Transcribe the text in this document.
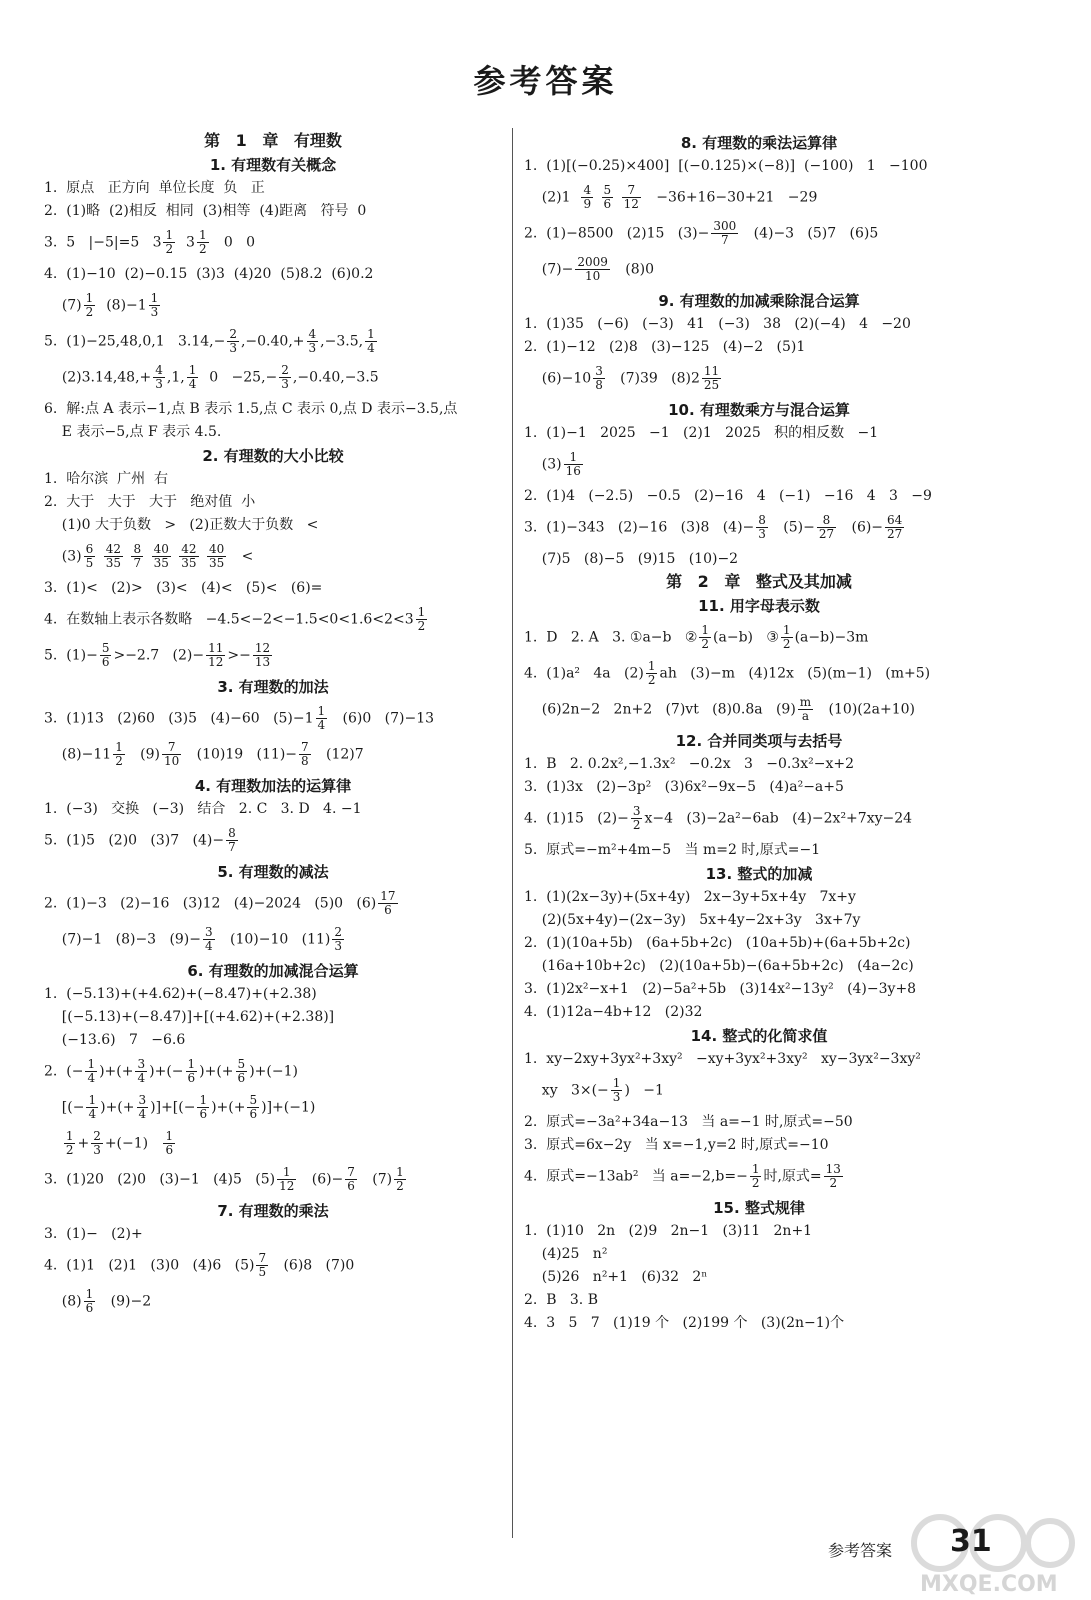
参考答案
第 1 章 有理数
1. 有理数有关概念
1.  原点   正方向  单位长度  负   正
2.  (1)略  (2)相反  相同  (3)相等  (4)距离   符号  0
3.  5   |−5|=5   $3 \frac{1}{2} 3 \frac{1}{2} 0$   0
4.  (1)−10  (2)−0.15  (3)3  (4)20  (5)8.2  (6)0.2
$(7) \frac{1}{2} (8)-1 \frac{1}{3}$
5.  (1)−25,48,0,1   $3.14,- \frac{2}{3} ,-0.40,+ \frac{4}{3} ,-3.5$, $\frac{1}{4}$
$(2)3.14,48,+ \frac{4}{3} ,1$, $\frac{1}{4} 0 -25,- \frac{2}{3} ,-0.40,-3.5$
6.  解:点 A 表示−1,点 B 表示 1.5,点 C 表示 0,点 D 表示−3.5,点
E 表示−5,点 F 表示 4.5.
2. 有理数的大小比较
1.  哈尔滨  广州  右
2.  大于   大于   大于   绝对值  小
(1)0 大于负数   >   (2)正数大于负数   <
$(3) \frac{6}{5}$
$\frac{42}{35}$
$\frac{8}{7}$
$\frac{40}{35}$
$\frac{42}{35}$
$\frac{40}{35}$ <
3.  (1)<   (2)>   (3)<   (4)<   (5)<   (6)=
4.  在数轴上表示各数略   $-4.5<-2<-1.5<0<1.6<2<3 \frac{1}{2}$
5.  $(1)- \frac{5}{6} >-2.7$   $(2)- \frac{11}{12} >- \frac{12}{13}$
3. 有理数的加法
3.  (1)13   (2)60   (3)5   (4)−60   $(5)-1 \frac{1}{4} (6)0$   (7)−13
$(8)-11 \frac{1}{2} (9) \frac{7}{10} (10)19$   $(11)- \frac{7}{8} (12)7$
4. 有理数加法的运算律
1.  (−3)   交换   (−3)   结合   2. C   3. D   4. −1
5.  (1)5   (2)0   (3)7   $(4)- \frac{8}{7}$
5. 有理数的减法
2.  (1)−3   (2)−16   (3)12   (4)−2024   (5)0   $(6) \frac{17}{6}$
(7)−1   (8)−3   $(9)- \frac{3}{4} (10)-10$   $(11) \frac{2}{3}$
6. 有理数的加减混合运算
1.  (−5.13)+(+4.62)+(−8.47)+(+2.38)
[(−5.13)+(−8.47)]+[(+4.62)+(+2.38)]
(−13.6)   7   −6.6
2.  (− $\frac{1}{4}$ )+(+ $\frac{3}{4}$ )+(− $\frac{1}{6}$ )+(+ $\frac{5}{6} )+(-1)$
[(− $\frac{1}{4}$ )+(+ $\frac{3}{4}$ )]+[(− $\frac{1}{6}$ )+(+ $\frac{5}{6} )]+(-1)$

$\frac{1}{2} + \frac{2}{3} +(-1) \frac{1}{6}$
3.  (1)20   (2)0   (3)−1   (4)5   $(5) \frac{1}{12} (6)- \frac{7}{6} (7) \frac{1}{2}$
7. 有理数的乘法
3.  (1)−   (2)+
4.  (1)1   (2)1   (3)0   (4)6   $(5) \frac{7}{5} (6)8$   (7)0
$(8) \frac{1}{6} (9)-2$
8. 有理数的乘法运算律
1.  (1)[(−0.25)×400]  [(−0.125)×(−8)]  (−100)   1   −100
$(2)1 \frac{4}{9}$
$\frac{5}{6}$
$\frac{7}{12} -36+16-30+21 -29$
2.  (1)−8500   (2)15   $(3)- \frac{300}{7} (4)-3$   (5)7   (6)5
$(7)- \frac{2009}{10} (8)0$
9. 有理数的加减乘除混合运算
1.  (1)35   (−6)   (−3)   41   (−3)   38   (2)(−4)   4   −20
2.  (1)−12   (2)8   (3)−125   (4)−2   (5)1
$(6)-10 \frac{3}{8} (7)39$   $(8)2 \frac{11}{25}$
10. 有理数乘方与混合运算
1.  (1)−1   2025   −1   (2)1   2025   积的相反数   −1
$(3) \frac{1}{16}$
2.  (1)4   (−2.5)   −0.5   (2)−16   4   (−1)   −16   4   3   −9
3.  (1)−343   (2)−16   (3)8   $(4)- \frac{8}{3} (5)- \frac{8}{27} (6)- \frac{64}{27}$
(7)5   (8)−5   (9)15   (10)−2
第 2 章 整式及其加减
11. 用字母表示数
1.  D   2. A   3. ①a−b   ② $\frac{1}{2} (a-b)$   ③ $\frac{1}{2} (a-b)-3m$
4.  (1)a²   4a   $(2) \frac{1}{2}$ ah   (3)−m   (4)12x   (5)(m−1)   (m+5)
(6)2n−2   2n+2   (7)vt   (8)0.8a   $(9) \frac{m}{a} (10)(2a+10)$
12. 合并同类项与去括号
1.  B   2. 0.2x²,−1.3x²   −0.2x   3   −0.3x²−x+2
3.  (1)3x   (2)−3p²   (3)6x²−9x−5   (4)a²−a+5
4.  (1)15   $(2)- \frac{3}{2} x-4$   (3)−2a²−6ab   (4)−2x²+7xy−24
5.  原式=−m²+4m−5   当 m=2 时,原式=−1
13. 整式的加减
1.  (1)(2x−3y)+(5x+4y)   2x−3y+5x+4y   7x+y
(2)(5x+4y)−(2x−3y)   5x+4y−2x+3y   3x+7y
2.  (1)(10a+5b)   (6a+5b+2c)   (10a+5b)+(6a+5b+2c)
(16a+10b+2c)   (2)(10a+5b)−(6a+5b+2c)   (4a−2c)
3.  (1)2x²−x+1   (2)−5a²+5b   (3)14x²−13y²   (4)−3y+8
4.  (1)12a−4b+12   (2)32
14. 整式的化简求值
1.  xy−2xy+3yx²+3xy²   −xy+3yx²+3xy²   xy−3yx²−3xy²
xy   $3\times(- \frac{1}{3}$ )   −1
2.  原式=−3a²+34a−13   当 a=−1 时,原式=−50
3.  原式=6x−2y   当 x=−1,y=2 时,原式=−10
4.  原式=−13ab²   当 $a=-2,b=- \frac{1}{2}$ 时,原式= $\frac{13}{2}$
15. 整式规律
1.  (1)10   2n   (2)9   2n−1   (3)11   2n+1
(4)25   n²
(5)26   n²+1   (6)32   2ⁿ
2.  B   3. B
4.  3   5   7   (1)19 个   (2)199 个   (3)(2n−1)个
MXQE.COM
参考答案 31
